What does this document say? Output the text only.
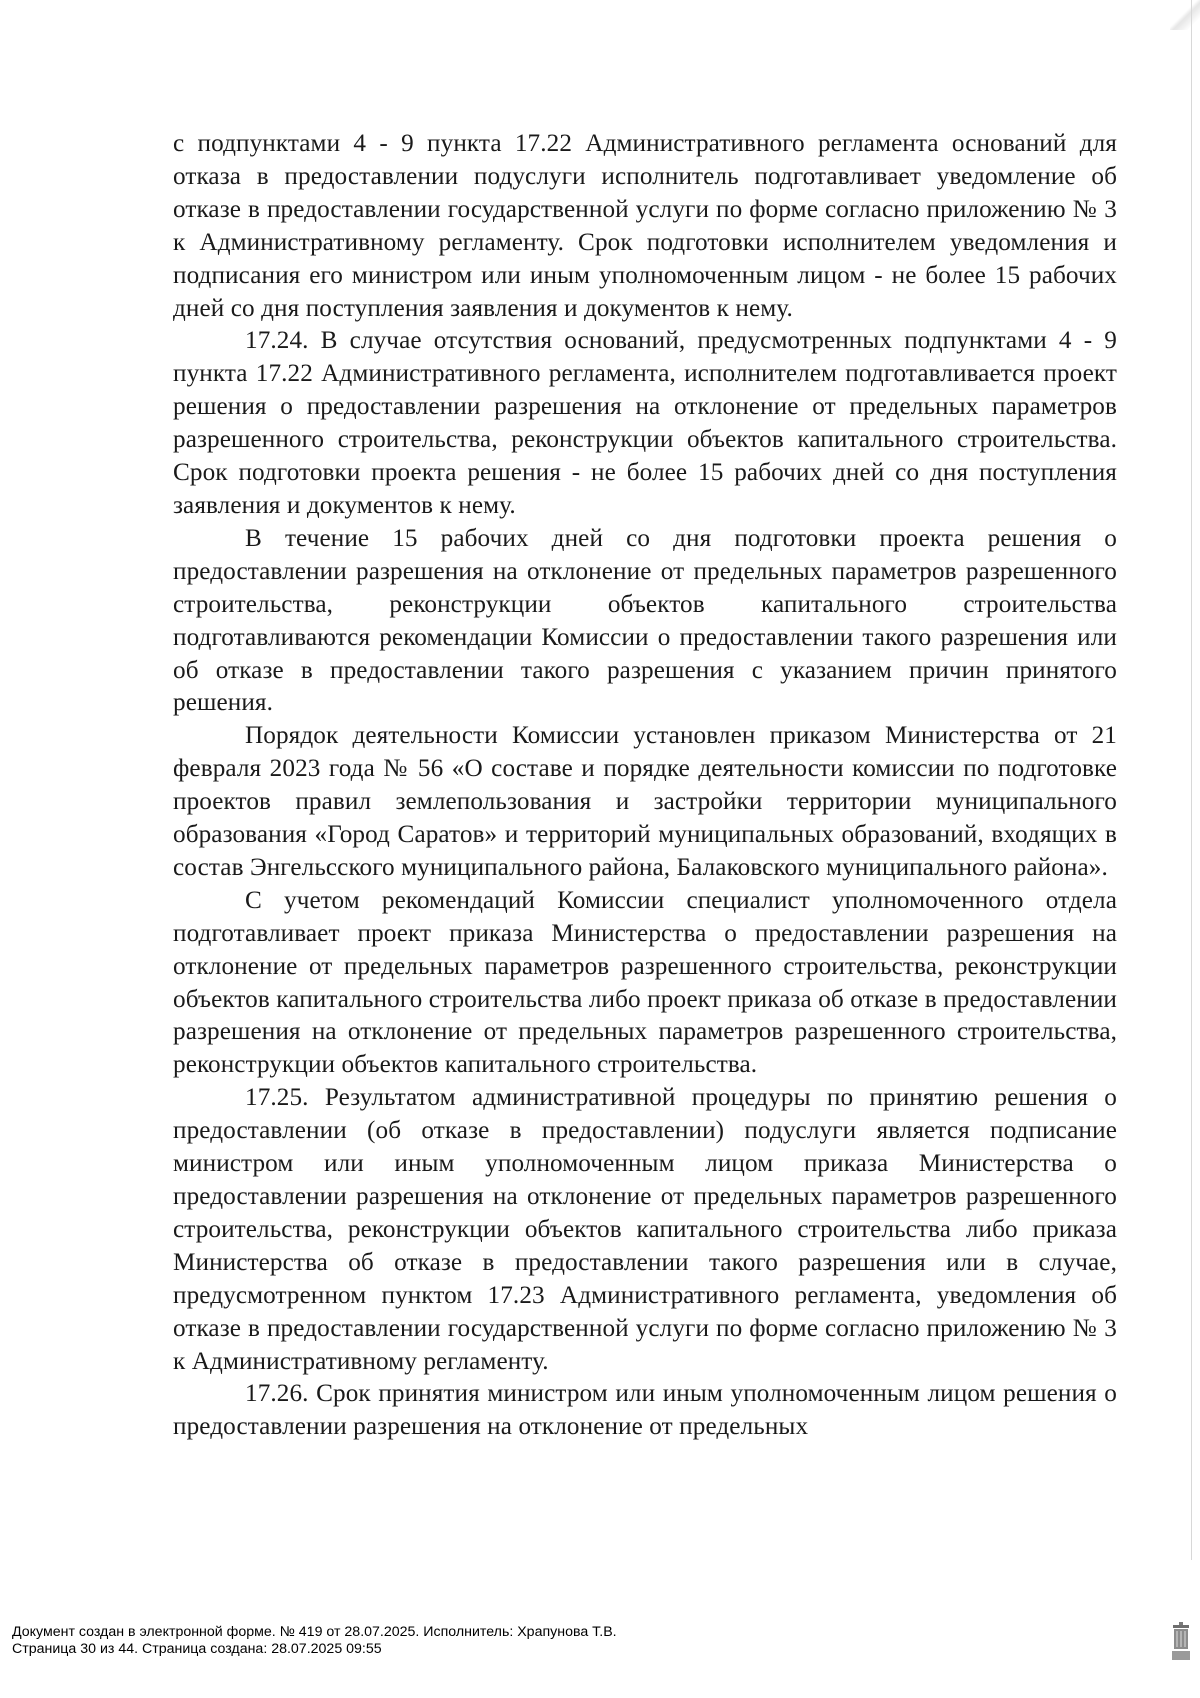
с подпунктами 4 - 9 пункта 17.22 Административного регламента оснований для отказа в предоставлении подуслуги исполнитель подготавливает уведомление об отказе в предоставлении государственной услуги по форме согласно приложению № 3 к Административному регламенту. Срок подготовки исполнителем уведомления и подписания его министром или иным уполномоченным лицом - не более 15 рабочих дней со дня поступления заявления и документов к нему.

17.24. В случае отсутствия оснований, предусмотренных подпунктами 4 - 9 пункта 17.22 Административного регламента, исполнителем подготавливается проект решения о предоставлении разрешения на отклонение от предельных параметров разрешенного строительства, реконструкции объектов капитального строительства. Срок подготовки проекта решения - не более 15 рабочих дней со дня поступления заявления и документов к нему.

В течение 15 рабочих дней со дня подготовки проекта решения о предоставлении разрешения на отклонение от предельных параметров разрешенного строительства, реконструкции объектов капитального строительства подготавливаются рекомендации Комиссии о предоставлении такого разрешения или об отказе в предоставлении такого разрешения с указанием причин принятого решения.

Порядок деятельности Комиссии установлен приказом Министерства от 21 февраля 2023 года № 56 «О составе и порядке деятельности комиссии по подготовке проектов правил землепользования и застройки территории муниципального образования «Город Саратов» и территорий муниципальных образований, входящих в состав Энгельсского муниципального района, Балаковского муниципального района».

С учетом рекомендаций Комиссии специалист уполномоченного отдела подготавливает проект приказа Министерства о предоставлении разрешения на отклонение от предельных параметров разрешенного строительства, реконструкции объектов капитального строительства либо проект приказа об отказе в предоставлении разрешения на отклонение от предельных параметров разрешенного строительства, реконструкции объектов капитального строительства.

17.25. Результатом административной процедуры по принятию решения о предоставлении (об отказе в предоставлении) подуслуги является подписание министром или иным уполномоченным лицом приказа Министерства о предоставлении разрешения на отклонение от предельных параметров разрешенного строительства, реконструкции объектов капитального строительства либо приказа Министерства об отказе в предоставлении такого разрешения или в случае, предусмотренном пунктом 17.23 Административного регламента, уведомления об отказе в предоставлении государственной услуги по форме согласно приложению № 3 к Административному регламенту.

17.26. Срок принятия министром или иным уполномоченным лицом решения о предоставлении разрешения на отклонение от предельных

Документ создан в электронной форме. № 419 от 28.07.2025. Исполнитель: Храпунова Т.В.
Страница 30 из 44. Страница создана: 28.07.2025 09:55
